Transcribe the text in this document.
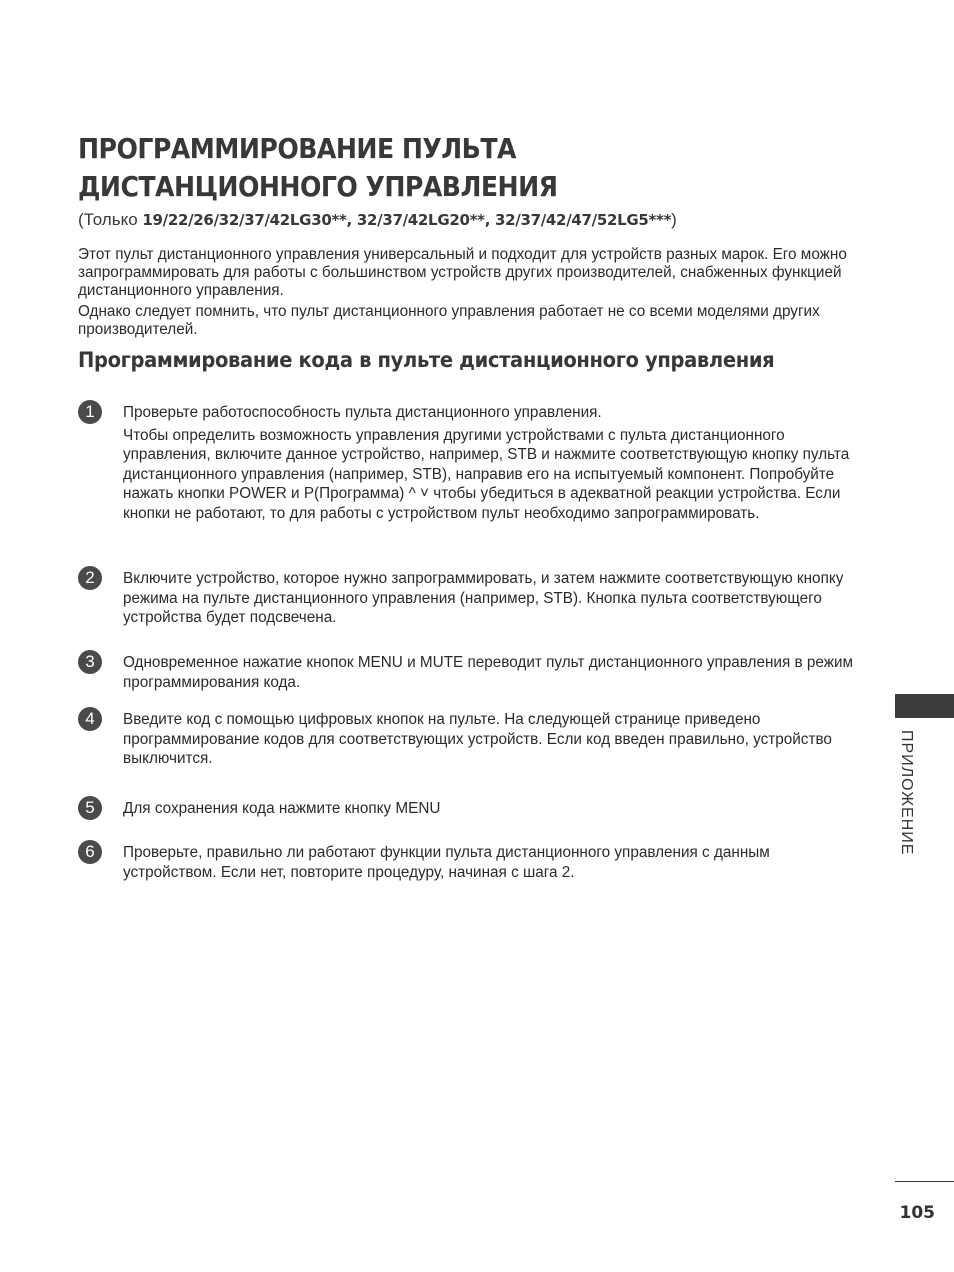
ПРОГРАММИРОВАНИЕ ПУЛЬТА ДИСТАНЦИОННОГО УПРАВЛЕНИЯ
(Только 19/22/26/32/37/42LG30**, 32/37/42LG20**, 32/37/42/47/52LG5***)

Этот пульт дистанционного управления универсальный и подходит для устройств разных марок. Его можно запрограммировать для работы с большинством устройств других производителей, снабженных функцией дистанционного управления.

Однако следует помнить, что пульт дистанционного управления работает не со всеми моделями других производителей.

Программирование кода в пульте дистанционного управления
1	Проверьте работоспособность пульта дистанционного управления.

Чтобы определить возможность управления другими устройствами с пульта дистанционного управления, включите данное устройство, например, STB и нажмите соответствующую кнопку пульта дистанционного управления (например, STB), направив его на испытуемый компонент. Попробуйте нажать кнопки POWER и P(Программа) ^ ˅ чтобы убедиться в адекватной реакции устройства. Если кнопки не работают, то для работы с устройством пульт необходимо запрограммировать.

2	Включите устройство, которое нужно запрограммировать, и затем нажмите соответствующую кнопку режима на пульте дистанционного управления (например, STB). Кнопка пульта соответствующего устройства будет подсвечена.

3	Одновременное нажатие кнопок MENU и MUTE переводит пульт дистанционного управления в режим программирования кода.

4	Введите код с помощью цифровых кнопок на пульте. На следующей странице приведено программирование кодов для соответствующих устройств. Если код введен правильно, устройство выключится.

5	Для сохранения кода нажмите кнопку MENU

6	Проверьте, правильно ли работают функции пульта дистанционного управления с данным устройством. Если нет, повторите процедуру, начиная с шага 2.

ПРИЛОЖЕНИЕ
105
